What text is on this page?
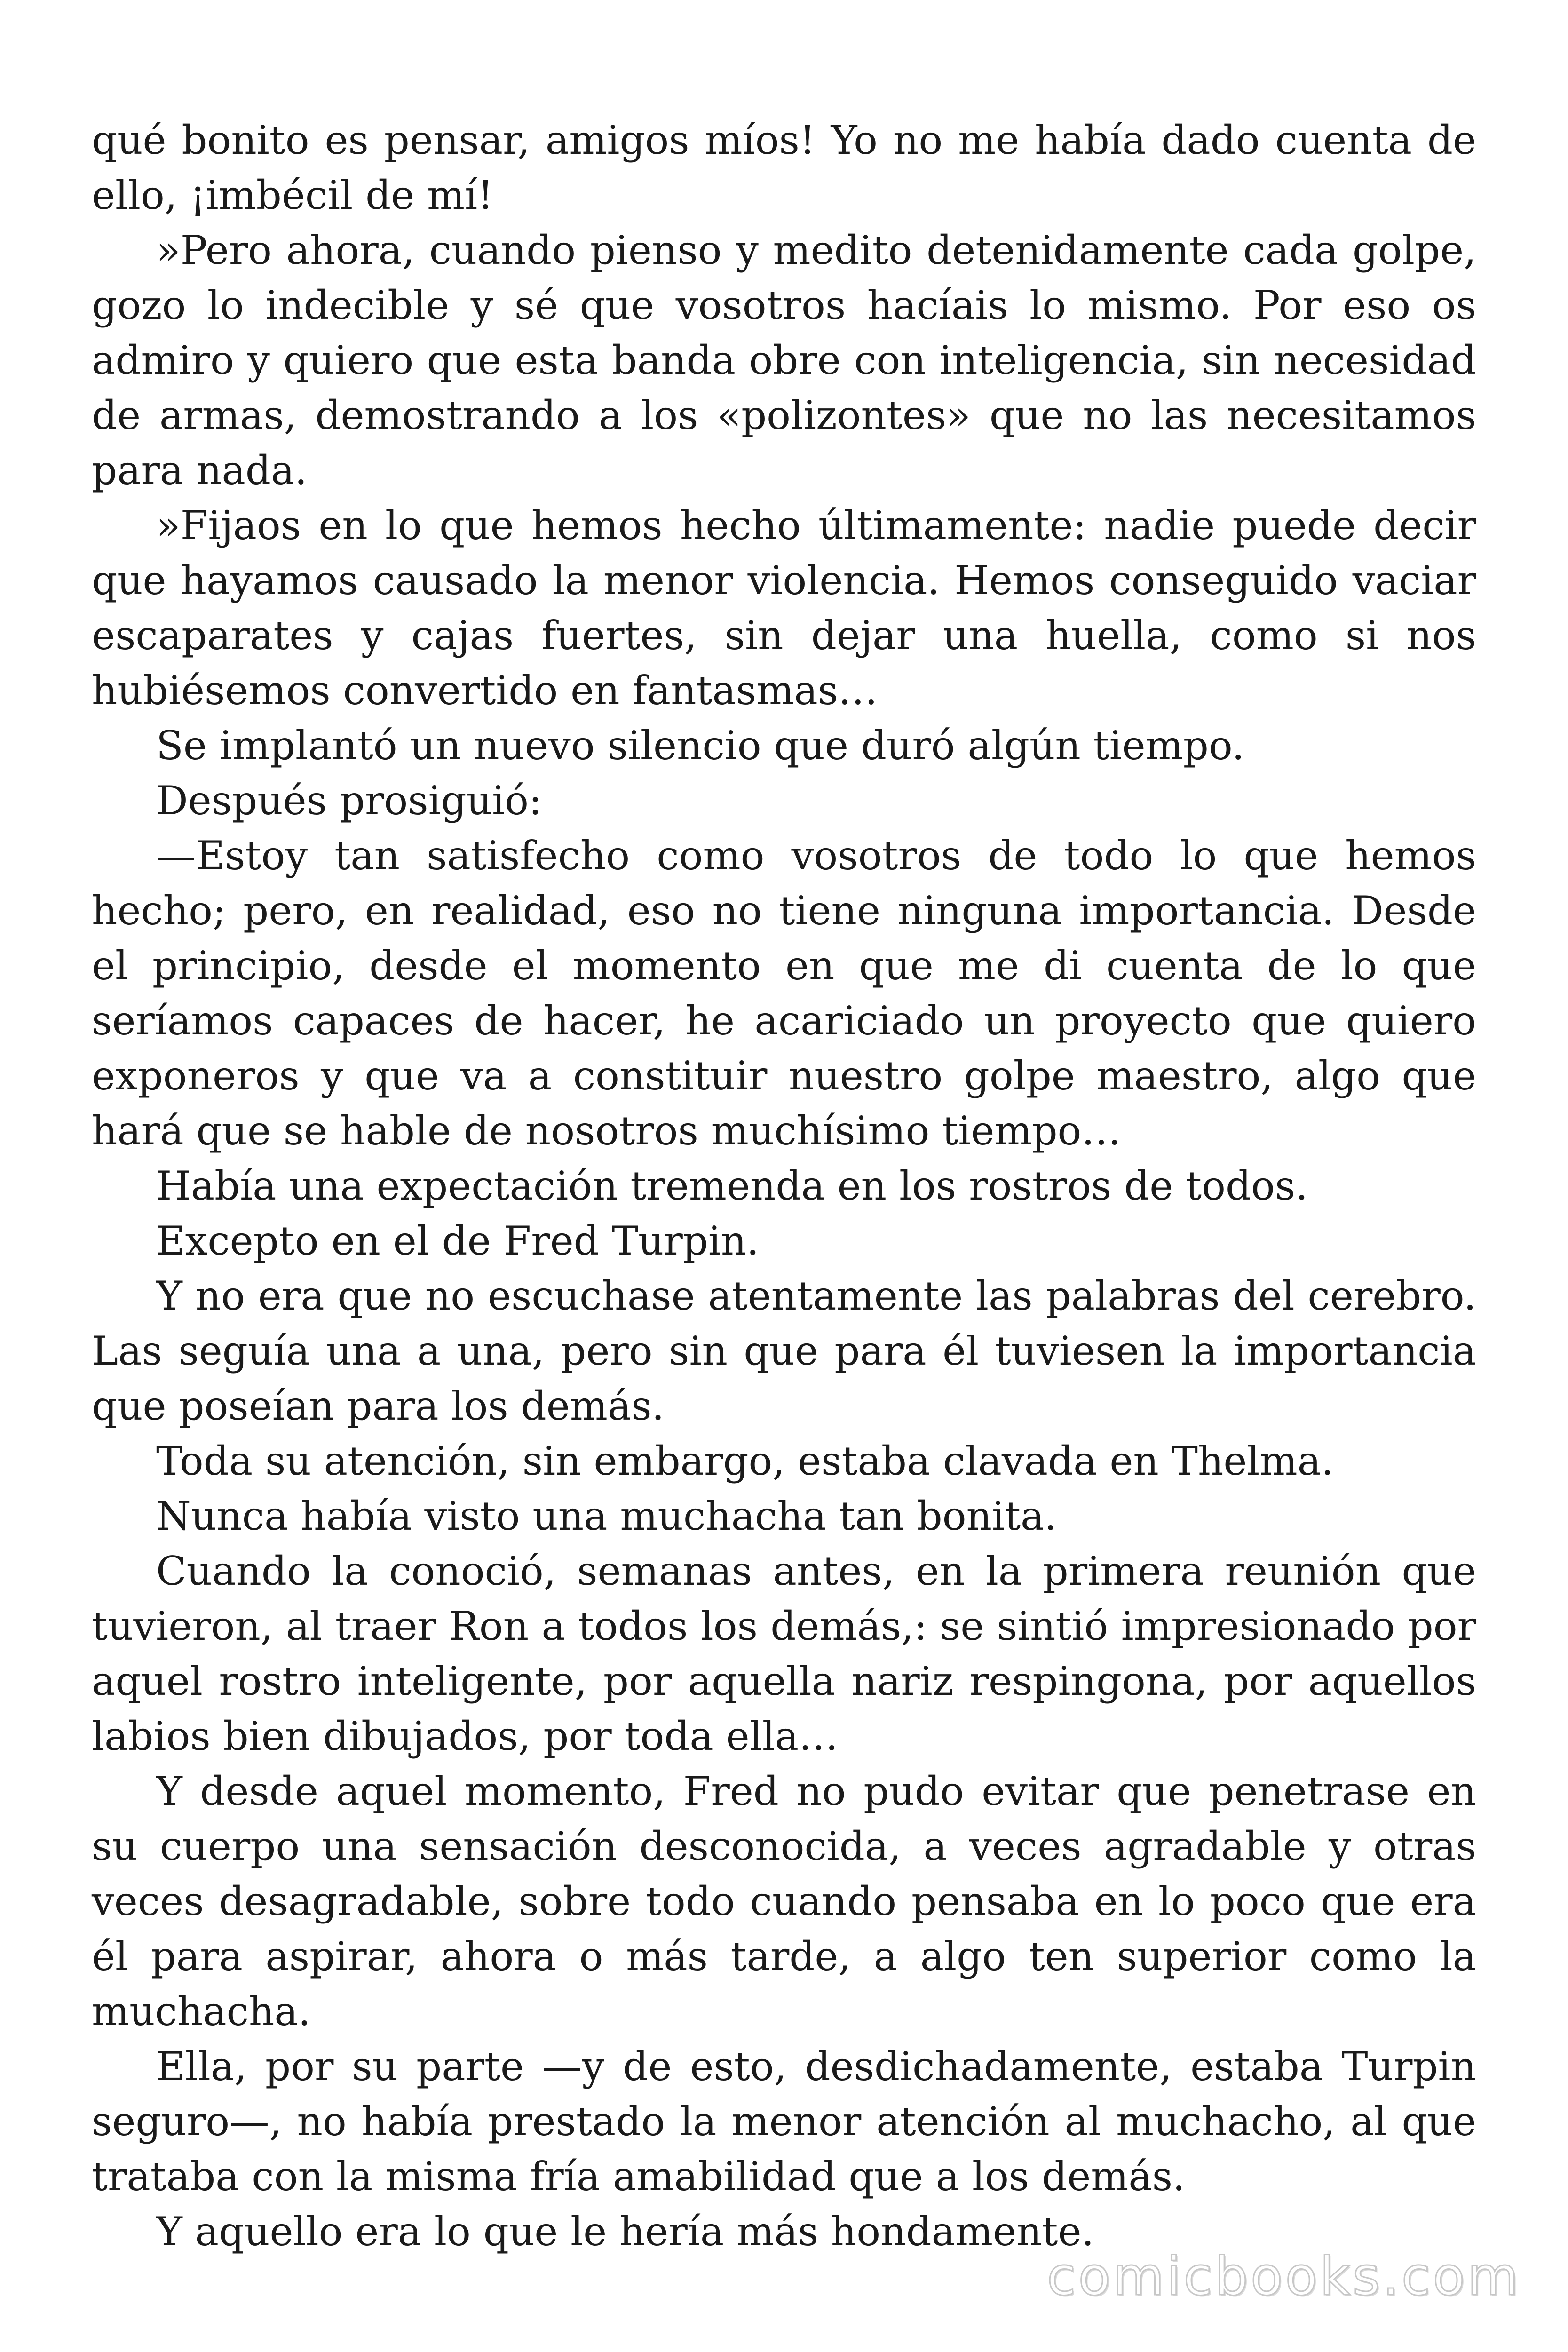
qué bonito es pensar, amigos míos! Yo no me había dado cuenta de ello, ¡imbécil de mí!

»Pero ahora, cuando pienso y medito detenidamente cada golpe, gozo lo indecible y sé que vosotros hacíais lo mismo. Por eso os admiro y quiero que esta banda obre con inteligencia, sin necesidad de armas, demostrando a los «polizontes» que no las necesitamos para nada.

»Fijaos en lo que hemos hecho últimamente: nadie puede decir que hayamos causado la menor violencia. Hemos conseguido vaciar escaparates y cajas fuertes, sin dejar una huella, como si nos hubiésemos convertido en fantasmas…

Se implantó un nuevo silencio que duró algún tiempo.

Después prosiguió:

—Estoy tan satisfecho como vosotros de todo lo que hemos hecho; pero, en realidad, eso no tiene ninguna importancia. Desde el principio, desde el momento en que me di cuenta de lo que seríamos capaces de hacer, he acariciado un proyecto que quiero exponeros y que va a constituir nuestro golpe maestro, algo que hará que se hable de nosotros muchísimo tiempo…

Había una expectación tremenda en los rostros de todos.

Excepto en el de Fred Turpin.

Y no era que no escuchase atentamente las palabras del cerebro. Las seguía una a una, pero sin que para él tuviesen la importancia que poseían para los demás.

Toda su atención, sin embargo, estaba clavada en Thelma.

Nunca había visto una muchacha tan bonita.

Cuando la conoció, semanas antes, en la primera reunión que tuvieron, al traer Ron a todos los demás,: se sintió impresionado por aquel rostro inteligente, por aquella nariz respingona, por aquellos labios bien dibujados, por toda ella…

Y desde aquel momento, Fred no pudo evitar que penetrase en su cuerpo una sensación desconocida, a veces agradable y otras veces desagradable, sobre todo cuando pensaba en lo poco que era él para aspirar, ahora o más tarde, a algo ten superior como la muchacha.

Ella, por su parte —y de esto, desdichadamente, estaba Turpin seguro—, no había prestado la menor atención al muchacho, al que trataba con la misma fría amabilidad que a los demás.

Y aquello era lo que le hería más hondamente.

comicbooks.com
